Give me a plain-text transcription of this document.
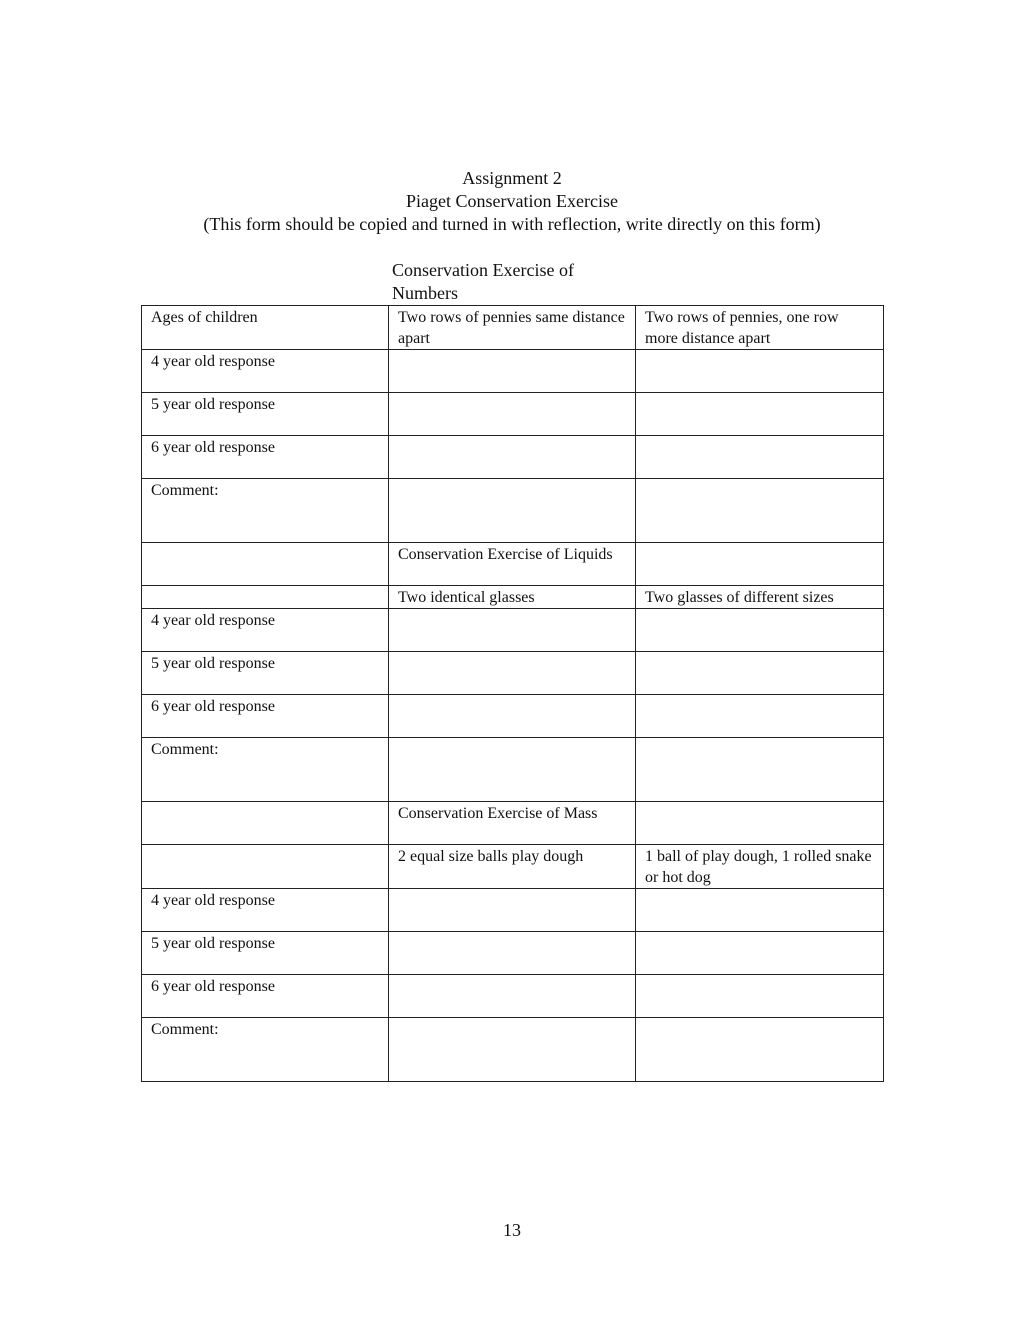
Assignment 2
Piaget Conservation Exercise
(This form should be copied and turned in with reflection, write directly on this form)
Conservation Exercise of Numbers
Ages of children	Two rows of pennies same distance apart	Two rows of pennies, one row more distance apart
4 year old response		
5 year old response		
6 year old response		
Comment:		
	Conservation Exercise of Liquids	
	Two identical glasses	Two glasses of different sizes
4 year old response		
5 year old response		
6 year old response		
Comment:		
	Conservation Exercise of Mass	
	2 equal size balls play dough	1 ball of play dough, 1 rolled snake or hot dog
4 year old response		
5 year old response		
6 year old response		
Comment:		
13
